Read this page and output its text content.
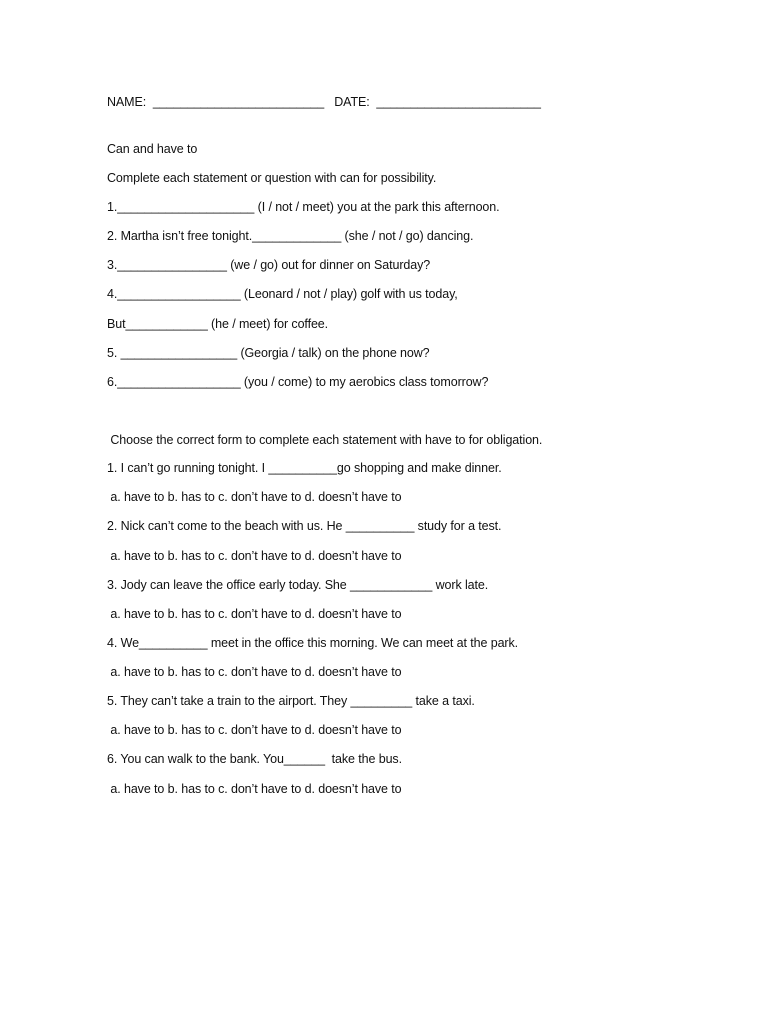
NAME:  _________________________   DATE:  ________________________
Can and have to
Complete each statement or question with can for possibility.
1.____________________ (I / not / meet) you at the park this afternoon.
2. Martha isn’t free tonight._____________ (she / not / go) dancing.
3.________________ (we / go) out for dinner on Saturday?
4.__________________ (Leonard / not / play) golf with us today,
But____________ (he / meet) for coffee.
5. _________________ (Georgia / talk) on the phone now?
6.__________________ (you / come) to my aerobics class tomorrow?
Choose the correct form to complete each statement with have to for obligation.
1. I can’t go running tonight. I __________go shopping and make dinner.
a. have to b. has to c. don’t have to d. doesn’t have to
2. Nick can’t come to the beach with us. He __________ study for a test.
a. have to b. has to c. don’t have to d. doesn’t have to
3. Jody can leave the office early today. She ____________ work late.
a. have to b. has to c. don’t have to d. doesn’t have to
4. We__________ meet in the office this morning. We can meet at the park.
a. have to b. has to c. don’t have to d. doesn’t have to
5. They can’t take a train to the airport. They _________ take a taxi.
a. have to b. has to c. don’t have to d. doesn’t have to
6. You can walk to the bank. You______  take the bus.
a. have to b. has to c. don’t have to d. doesn’t have to
